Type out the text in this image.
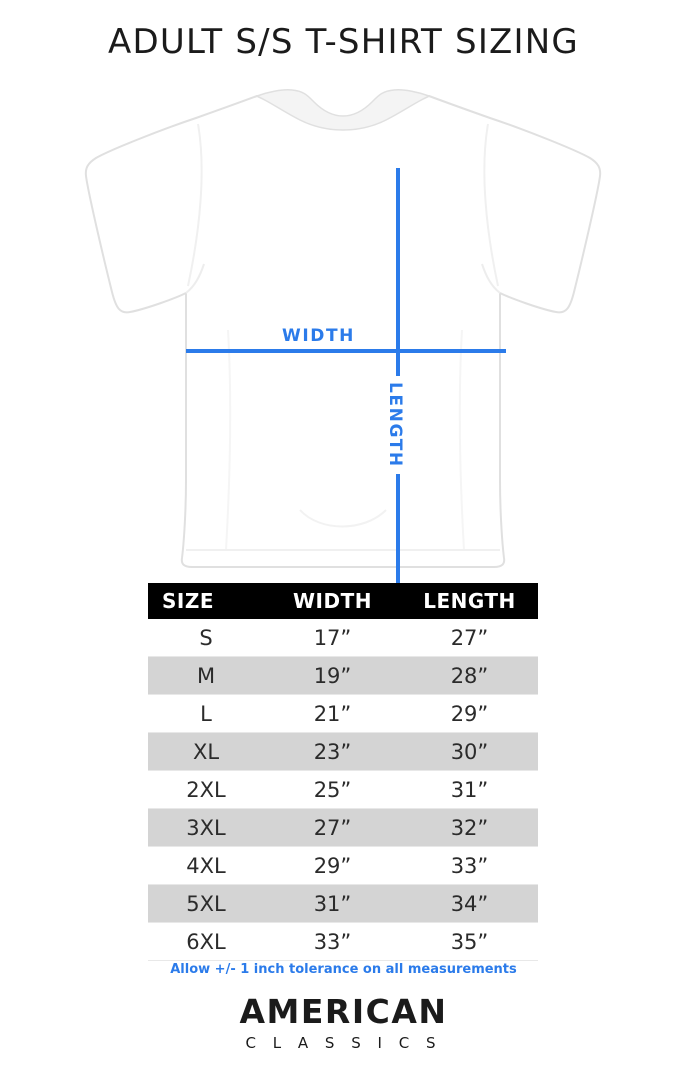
ADULT S/S T-SHIRT SIZING
WIDTH
LENGTH
SIZE	WIDTH	LENGTH
S	17”	27”
M	19”	28”
L	21”	29”
XL	23”	30”
2XL	25”	31”
3XL	27”	32”
4XL	29”	33”
5XL	31”	34”
6XL	33”	35”
Allow +/- 1 inch tolerance on all measurements
AMERICAN
C L A S S I C S
